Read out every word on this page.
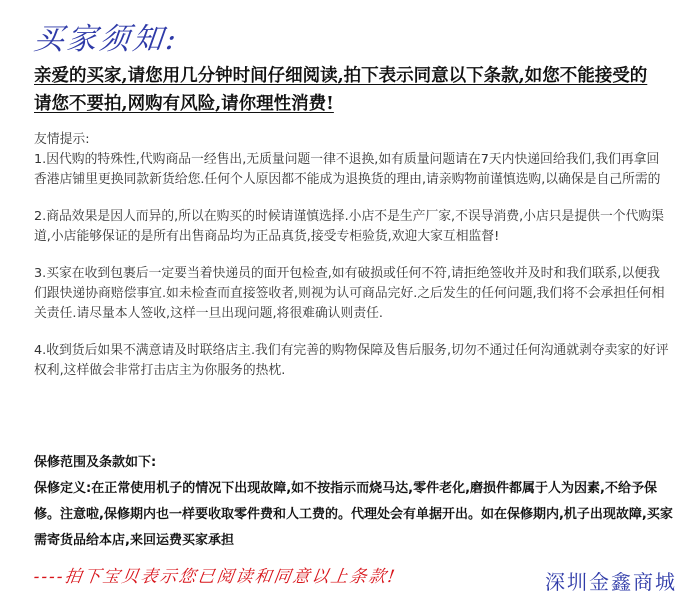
买家须知:

亲爱的买家,请您用几分钟时间仔细阅读,拍下表示同意以下条款,如您不能接受的请您不要拍,网购有风险,请你理性消费!

友情提示:

1.因代购的特殊性,代购商品一经售出,无质量问题一律不退换,如有质量问题请在7天内快递回给我们,我们再拿回香港店铺里更换同款新货给您.任何个人原因都不能成为退换货的理由,请亲购物前谨慎选购,以确保是自己所需的

2.商品效果是因人而异的,所以在购买的时候请谨慎选择.小店不是生产厂家,不误导消费,小店只是提供一个代购渠道,小店能够保证的是所有出售商品均为正品真货,接受专柜验货,欢迎大家互相监督!

3.买家在收到包裹后一定要当着快递员的面开包检查,如有破损或任何不符,请拒绝签收并及时和我们联系,以便我们跟快递协商赔偿事宜.如未检查而直接签收者,则视为认可商品完好.之后发生的任何问题,我们将不会承担任何相关责任.请尽量本人签收,这样一旦出现问题,将很难确认则责任.

4.收到货后如果不满意请及时联络店主.我们有完善的购物保障及售后服务,切勿不通过任何沟通就剥夺卖家的好评权利,这样做会非常打击店主为你服务的热枕.

保修范围及条款如下:

保修定义:在正常使用机子的情况下出现故障,如不按指示而烧马达,零件老化,磨损件都属于人为因素,不给予保修。注意啦,保修期内也一样要收取零件费和人工费的。代理处会有单据开出。如在保修期内,机子出现故障,买家需寄货品给本店,来回运费买家承担

----拍下宝贝表示您已阅读和同意以上条款!	深圳金鑫商城
